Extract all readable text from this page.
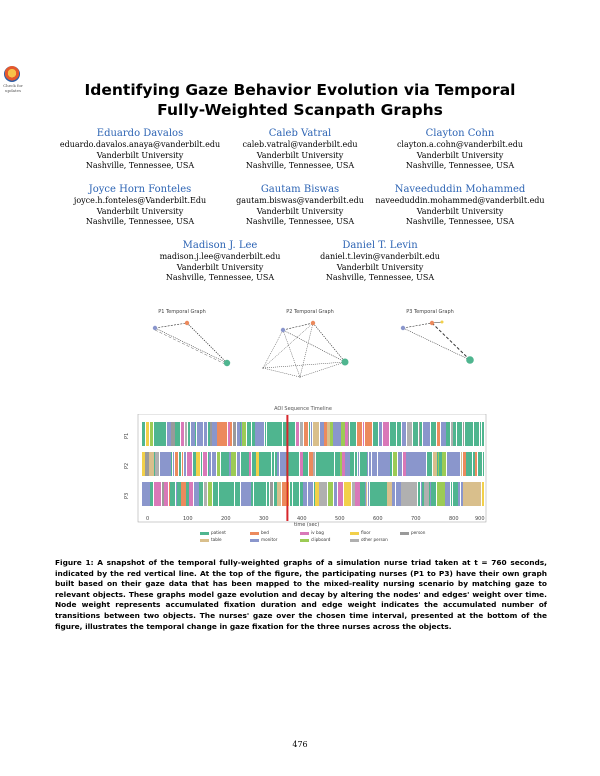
Check for updates	Identifying Gaze Behavior Evolution via Temporal
Fully-Weighted Scanpath Graphs
Eduardo Davalos
eduardo.davalos.anaya@vanderbilt.edu
Vanderbilt University
Nashville, Tennessee, USA
Caleb Vatral
caleb.vatral@vanderbilt.edu
Vanderbilt University
Nashville, Tennessee, USA
Clayton Cohn
clayton.a.cohn@vanderbilt.edu
Vanderbilt University
Nashville, Tennessee, USA
Joyce Horn Fonteles
joyce.h.fonteles@Vanderbilt.Edu
Vanderbilt University
Nashville, Tennessee, USA
Gautam Biswas
gautam.biswas@vanderbilt.edu
Vanderbilt University
Nashville, Tennessee, USA
Naveeduddin Mohammed
naveeduddin.mohammed@vanderbilt.edu
Vanderbilt University
Nashville, Tennessee, USA
Madison J. Lee
madison.j.lee@vanderbilt.edu
Vanderbilt University
Nashville, Tennessee, USA
Daniel T. Levin
daniel.t.levin@vanderbilt.edu
Vanderbilt University
Nashville, Tennessee, USA
P1 Temporal Graph	P2 Temporal Graph	P3 Temporal Graph
AOI Sequence Timeline
P1
P2
P3
0	100	200	300	400	500	600	700	800	900
time (sec)
patient	bed	iv bag	floor	person
table	monitor	clipboard	other person
Figure 1: A snapshot of the temporal fully-weighted graphs of a simulation nurse triad taken at t = 760 seconds, indicated by the red vertical line. At the top of the figure, the participating nurses (P1 to P3) have their own graph built based on their gaze data that has been mapped to the mixed-reality nursing scenario by matching gaze to relevant objects. These graphs model gaze evolution and decay by altering the nodes' and edges' weight over time. Node weight represents accumulated fixation duration and edge weight indicates the accumulated number of transitions between two objects. The nurses' gaze over the chosen time interval, presented at the bottom of the figure, illustrates the temporal change in gaze fixation for the three nurses across the objects.
476
